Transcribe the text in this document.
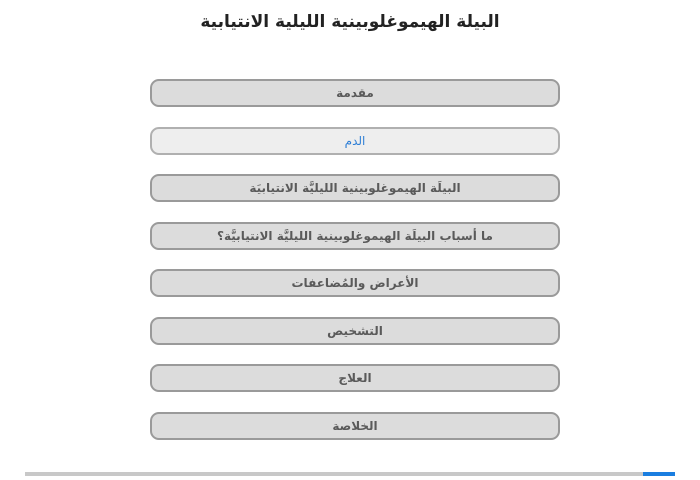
البيلة الهيموغلوبينية الليلية الانتيابية
مقدمة
الدم
البيلَة الهيموغلوبينية الليليَّة الانتيابيَة
ما أسباب البيلَة الهيموغلوبينية الليليَّة الانتيابيَّة؟
الأعراض والمُضاعفات
التشخيص
العلاج
الخلاصة
